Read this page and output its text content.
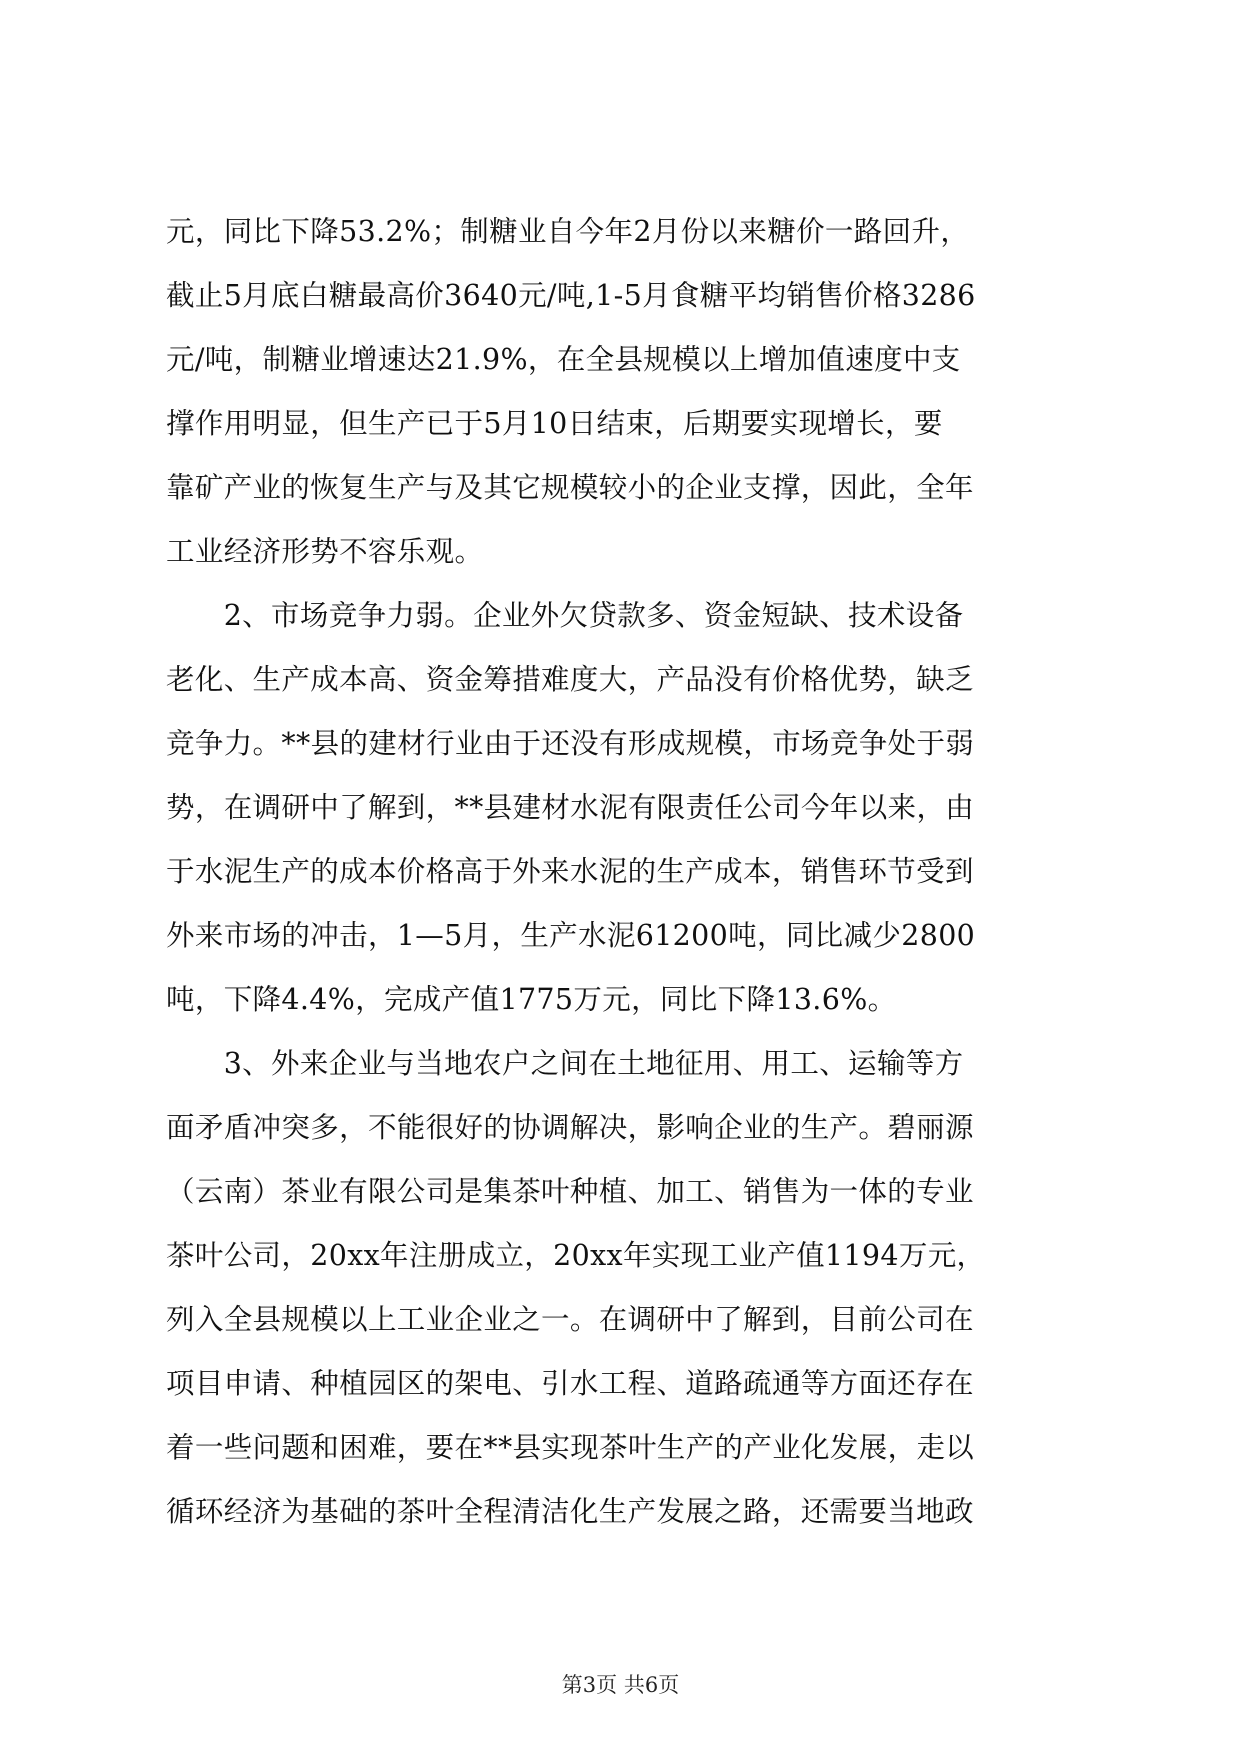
元，同比下降53.2%；制糖业自今年2月份以来糖价一路回升，
截止5月底白糖最高价3640元/吨,1-5月食糖平均销售价格3286
元/吨，制糖业增速达21.9%，在全县规模以上增加值速度中支
撑作用明显，但生产已于5月10日结束，后期要实现增长，要
靠矿产业的恢复生产与及其它规模较小的企业支撑，因此，全年
工业经济形势不容乐观。
　　2、市场竞争力弱。企业外欠贷款多、资金短缺、技术设备
老化、生产成本高、资金筹措难度大，产品没有价格优势，缺乏
竞争力。**县的建材行业由于还没有形成规模，市场竞争处于弱
势，在调研中了解到，**县建材水泥有限责任公司今年以来，由
于水泥生产的成本价格高于外来水泥的生产成本，销售环节受到
外来市场的冲击，1—5月，生产水泥61200吨，同比减少2800
吨，下降4.4%，完成产值1775万元，同比下降13.6%。
　　3、外来企业与当地农户之间在土地征用、用工、运输等方
面矛盾冲突多，不能很好的协调解决，影响企业的生产。碧丽源
（云南）茶业有限公司是集茶叶种植、加工、销售为一体的专业
茶叶公司，20xx年注册成立，20xx年实现工业产值1194万元，
列入全县规模以上工业企业之一。在调研中了解到，目前公司在
项目申请、种植园区的架电、引水工程、道路疏通等方面还存在
着一些问题和困难，要在**县实现茶叶生产的产业化发展，走以
循环经济为基础的茶叶全程清洁化生产发展之路，还需要当地政
第3页 共6页
